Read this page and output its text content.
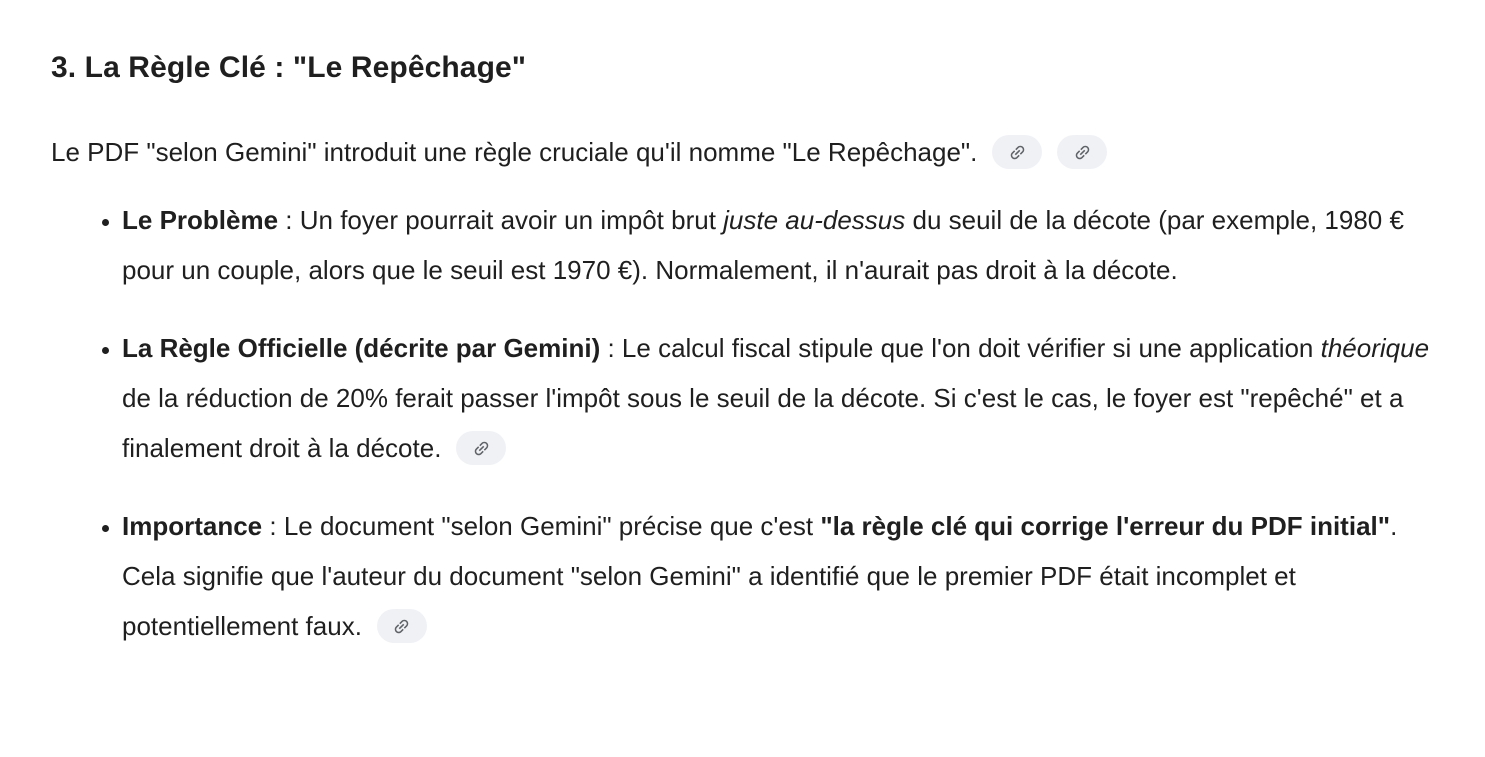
3. La Règle Clé : "Le Repêchage"

Le PDF "selon Gemini" introduit une règle cruciale qu'il nomme "Le Repêchage".

• Le Problème : Un foyer pourrait avoir un impôt brut juste au-dessus du seuil de la décote (par exemple, 1980 € pour un couple, alors que le seuil est 1970 €). Normalement, il n'aurait pas droit à la décote.
• La Règle Officielle (décrite par Gemini) : Le calcul fiscal stipule que l'on doit vérifier si une application théorique de la réduction de 20% ferait passer l'impôt sous le seuil de la décote. Si c'est le cas, le foyer est "repêché" et a finalement droit à la décote.
• Importance : Le document "selon Gemini" précise que c'est "la règle clé qui corrige l'erreur du PDF initial". Cela signifie que l'auteur du document "selon Gemini" a identifié que le premier PDF était incomplet et potentiellement faux.
